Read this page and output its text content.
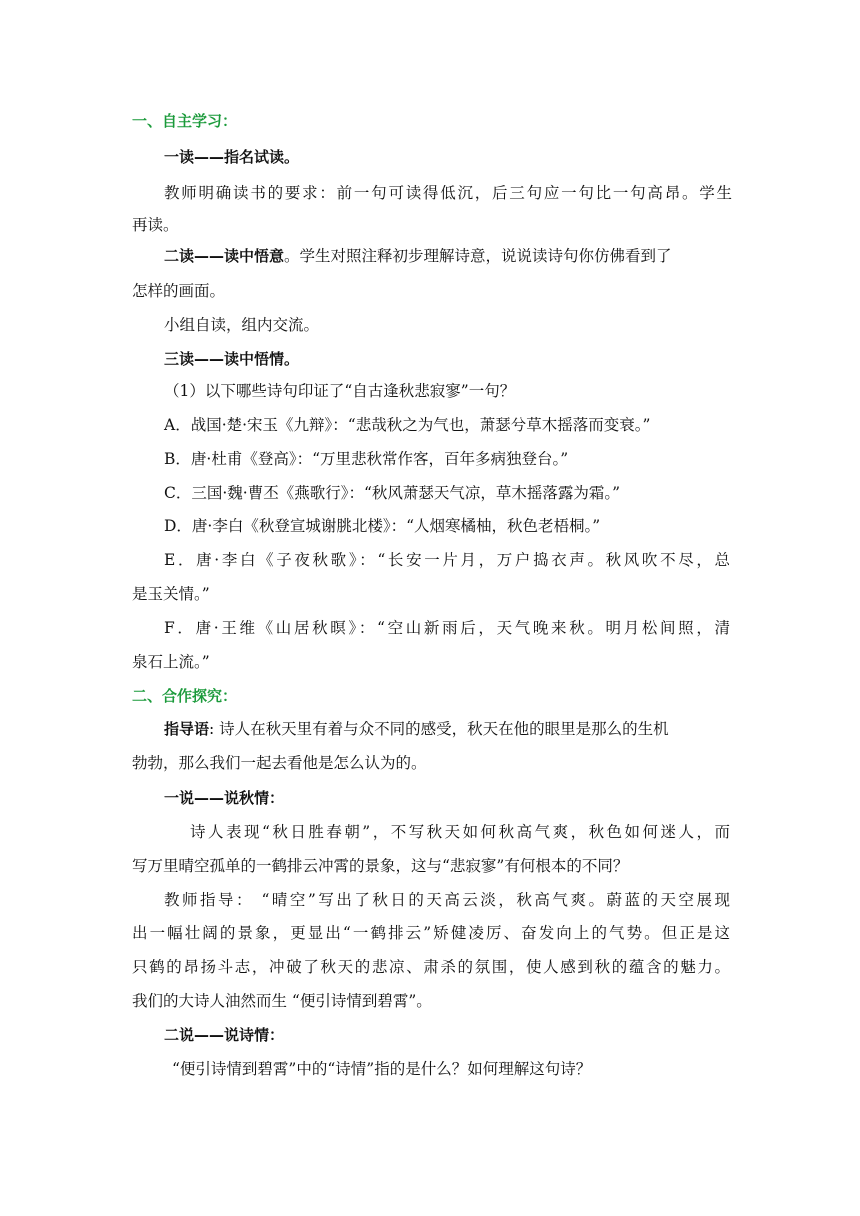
一、自主学习：
一读——指名试读。
教师明确读书的要求：前一句可读得低沉，后三句应一句比一句高昂。学生
再读。
二读——读中悟意。学生对照注释初步理解诗意，说说读诗句你仿佛看到了
怎样的画面。
小组自读，组内交流。
三读——读中悟情。
（1）以下哪些诗句印证了“自古逢秋悲寂寥”一句？
A．战国·楚·宋玉《九辩》：“悲哉秋之为气也，萧瑟兮草木摇落而变衰。”
B．唐·杜甫《登高》：“万里悲秋常作客，百年多病独登台。”
C．三国·魏·曹丕《燕歌行》：“秋风萧瑟天气凉，草木摇落露为霜。”
D．唐·李白《秋登宣城谢朓北楼》：“人烟寒橘柚，秋色老梧桐。”
E．唐·李白《子夜秋歌》：“长安一片月，万户捣衣声。秋风吹不尽，总
是玉关情。”
F．唐·王维《山居秋暝》：“空山新雨后，天气晚来秋。明月松间照，清
泉石上流。”
二、合作探究：
指导语: 诗人在秋天里有着与众不同的感受，秋天在他的眼里是那么的生机
勃勃，那么我们一起去看他是怎么认为的。
一说——说秋情：
诗人表现“秋日胜春朝”，不写秋天如何秋高气爽，秋色如何迷人，而
写万里晴空孤单的一鹤排云冲霄的景象，这与“悲寂寥”有何根本的不同？
教师指导： “晴空”写出了秋日的天高云淡，秋高气爽。蔚蓝的天空展现
出一幅壮阔的景象，更显出“一鹤排云”矫健凌厉、奋发向上的气势。但正是这
只鹤的昂扬斗志，冲破了秋天的悲凉、肃杀的氛围，使人感到秋的蕴含的魅力。
我们的大诗人油然而生 “便引诗情到碧霄”。
二说——说诗情：
“便引诗情到碧霄”中的“诗情”指的是什么？如何理解这句诗？
